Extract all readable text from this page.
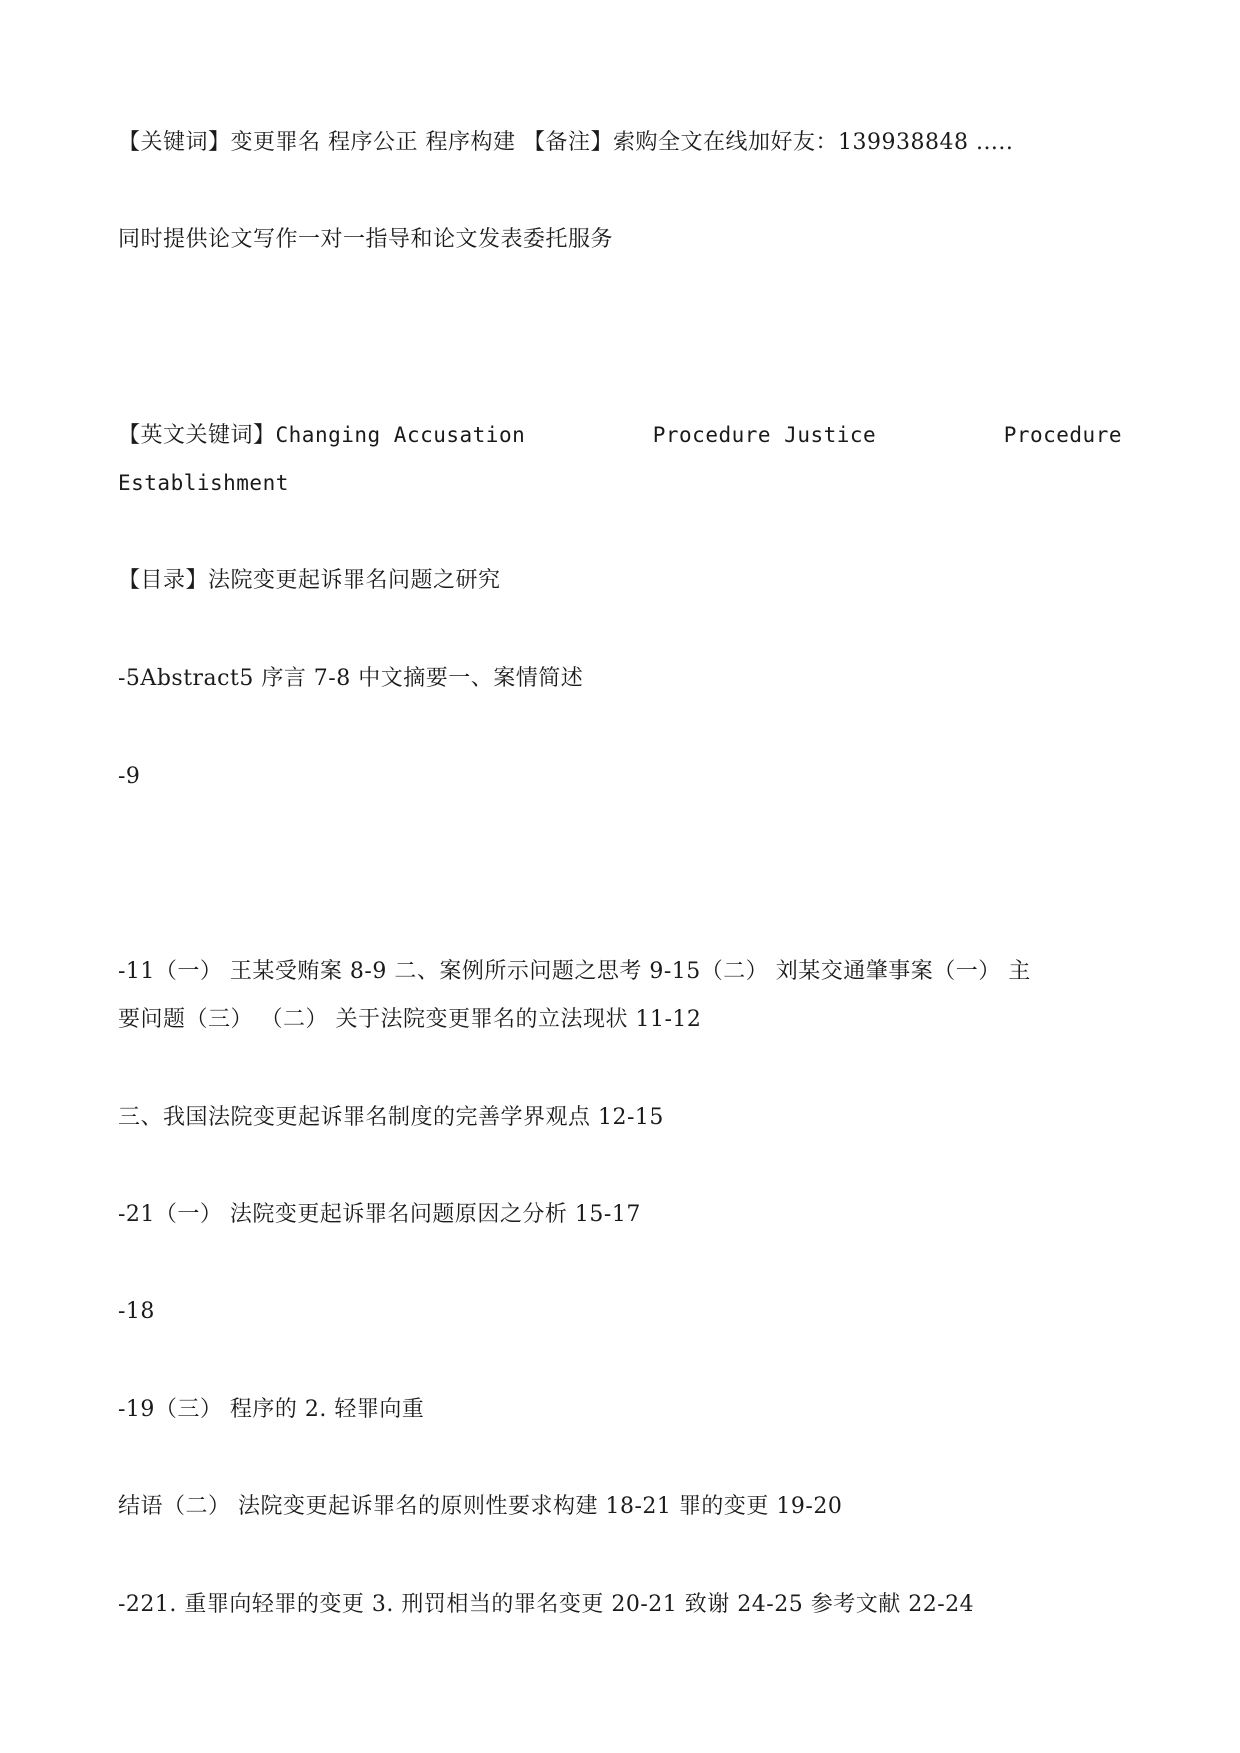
【关键词】变更罪名 程序公正 程序构建 【备注】索购全文在线加好友：139938848 .....
同时提供论文写作一对一指导和论文发表委托服务
【英文关键词】Changing Accusation	Procedure Justice	Procedure
Establishment
【目录】法院变更起诉罪名问题之研究
-5Abstract5 序言 7-8 中文摘要一、案情简述
-9
-11（一） 王某受贿案 8-9 二、案例所示问题之思考 9-15（二） 刘某交通肇事案（一） 主
要问题（三） （二） 关于法院变更罪名的立法现状 11-12
三、我国法院变更起诉罪名制度的完善学界观点 12-15
-21（一） 法院变更起诉罪名问题原因之分析 15-17
-18
-19（三） 程序的 2. 轻罪向重
结语（二） 法院变更起诉罪名的原则性要求构建 18-21 罪的变更 19-20
-221. 重罪向轻罪的变更 3. 刑罚相当的罪名变更 20-21 致谢 24-25 参考文献 22-24
